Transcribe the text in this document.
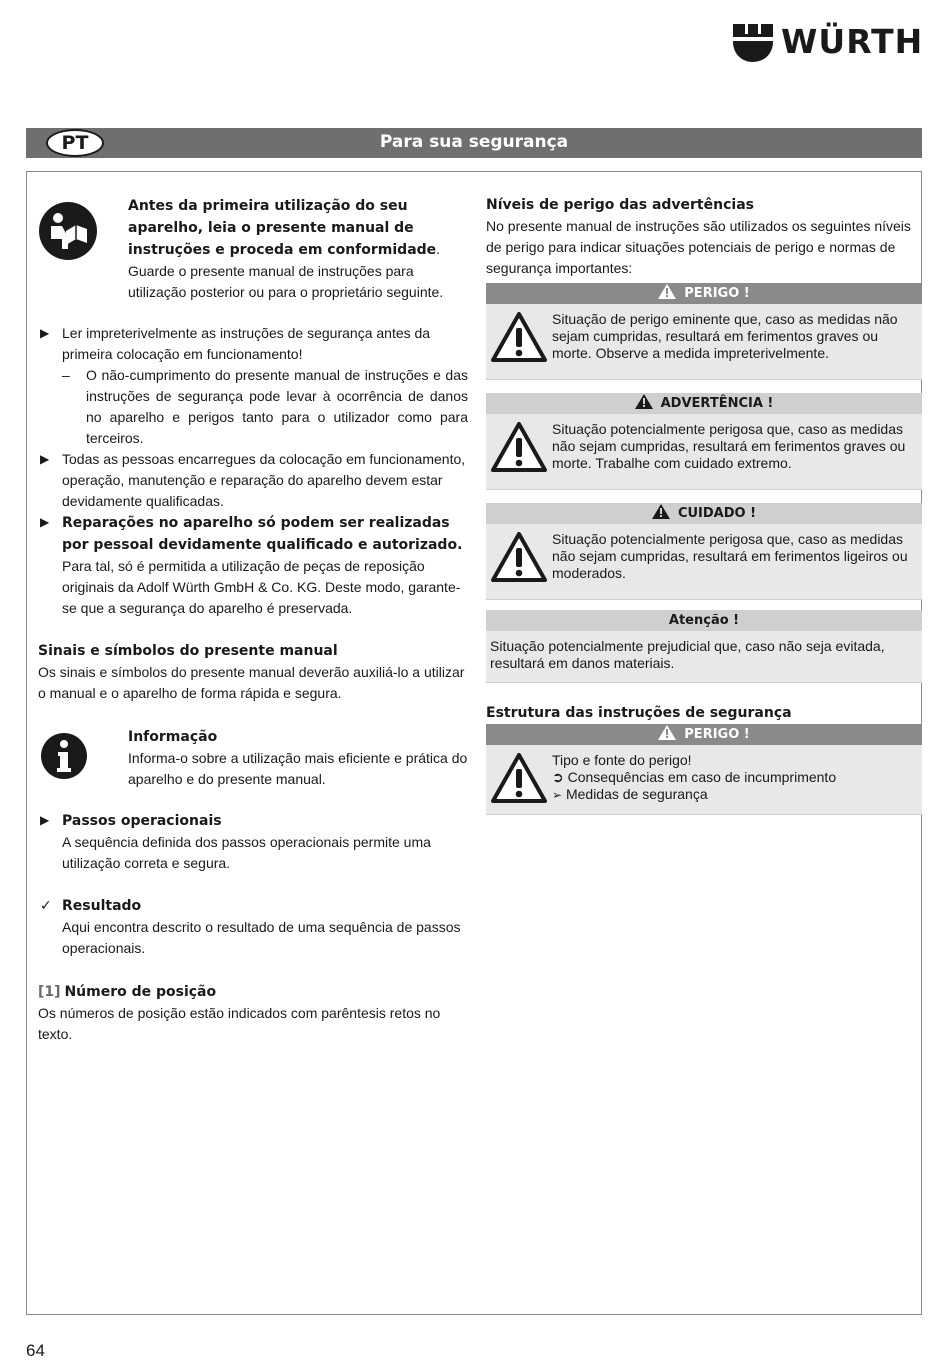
WÜRTH
PT	Para sua segurança
Antes da primeira utilização do seu aparelho, leia o presente manual de instruções e proceda em conformidade.
Guarde o presente manual de instruções para utilização posterior ou para o proprietário seguinte.
▶ Ler impreterivelmente as instruções de segurança antes da primeira colocação em funcionamento!
– O não-cumprimento do presente manual de instruções e das instruções de segurança pode levar à ocorrência de danos no aparelho e perigos tanto para o utilizador como para terceiros.
▶ Todas as pessoas encarregues da colocação em funcionamento, operação, manutenção e reparação do aparelho devem estar devidamente qualificadas.
▶ Reparações no aparelho só podem ser realizadas por pessoal devidamente qualificado e autorizado.
Para tal, só é permitida a utilização de peças de reposição originais da Adolf Würth GmbH & Co. KG. Deste modo, garante-se que a segurança do aparelho é preservada.
Sinais e símbolos do presente manual
Os sinais e símbolos do presente manual deverão auxiliá-lo a utilizar o manual e o aparelho de forma rápida e segura.
Informação
Informa-o sobre a utilização mais eficiente e prática do aparelho e do presente manual.
▶ Passos operacionais
A sequência definida dos passos operacionais permite uma utilização correta e segura.
✓ Resultado
Aqui encontra descrito o resultado de uma sequência de passos operacionais.
[1] Número de posição
Os números de posição estão indicados com parêntesis retos no texto.
Níveis de perigo das advertências
No presente manual de instruções são utilizados os seguintes níveis de perigo para indicar situações potenciais de perigo e normas de segurança importantes:
PERIGO !
Situação de perigo eminente que, caso as medidas não sejam cumpridas, resultará em ferimentos graves ou morte. Observe a medida impreterivelmente.
ADVERTÊNCIA !
Situação potencialmente perigosa que, caso as medidas não sejam cumpridas, resultará em ferimentos graves ou morte. Trabalhe com cuidado extremo.
CUIDADO !
Situação potencialmente perigosa que, caso as medidas não sejam cumpridas, resultará em ferimentos ligeiros ou moderados.
Atenção !
Situação potencialmente prejudicial que, caso não seja evitada, resultará em danos materiais.
Estrutura das instruções de segurança
PERIGO !
Tipo e fonte do perigo!
➲ Consequências em caso de incumprimento
➢ Medidas de segurança
64
